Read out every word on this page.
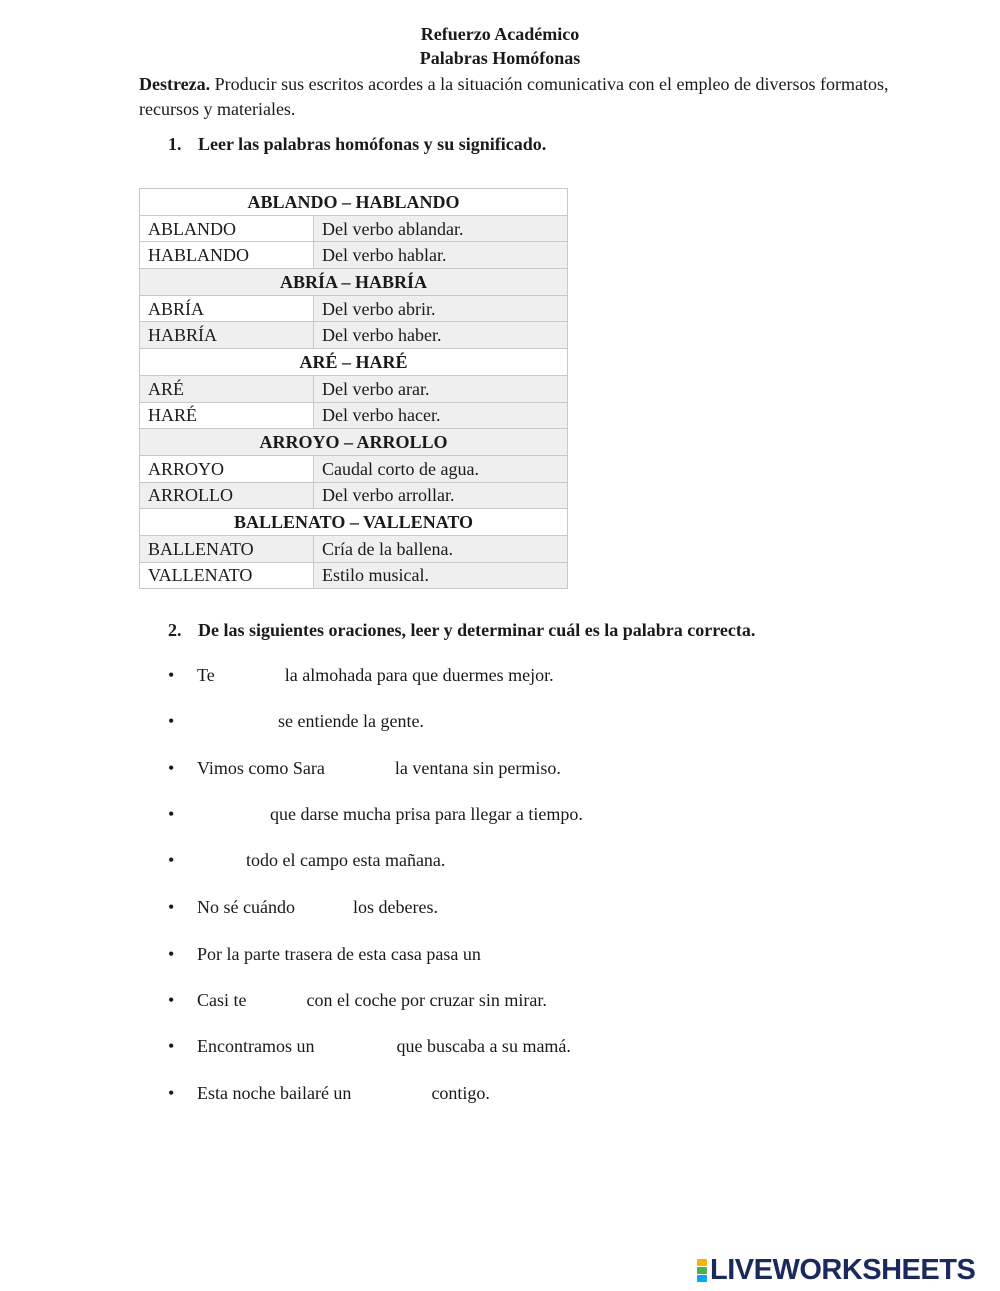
Refuerzo Académico
Palabras Homófonas
Destreza. Producir sus escritos acordes a la situación comunicativa con el empleo de diversos formatos, recursos y materiales.
1. Leer las palabras homófonas y su significado.
ABLANDO – HABLANDO	
ABLANDO	Del verbo ablandar.
HABLANDO	Del verbo hablar.
ABRÍA – HABRÍA	
ABRÍA	Del verbo abrir.
HABRÍA	Del verbo haber.
ARÉ – HARÉ	
ARÉ	Del verbo arar.
HARÉ	Del verbo hacer.
ARROYO – ARROLLO	
ARROYO	Caudal corto de agua.
ARROLLO	Del verbo arrollar.
BALLENATO – VALLENATO	
BALLENATO	Cría de la ballena.
VALLENATO	Estilo musical.
2. De las siguientes oraciones, leer y determinar cuál es la palabra correcta.
• Te	la almohada para que duermes mejor.
•	se entiende la gente.
• Vimos como Sara	la ventana sin permiso.
•	que darse mucha prisa para llegar a tiempo.
•	todo el campo esta mañana.
• No sé cuándo	los deberes.
• Por la parte trasera de esta casa pasa un
• Casi te	con el coche por cruzar sin mirar.
• Encontramos un	que buscaba a su mamá.
• Esta noche bailaré un	contigo.
LIVEWORKSHEETS
